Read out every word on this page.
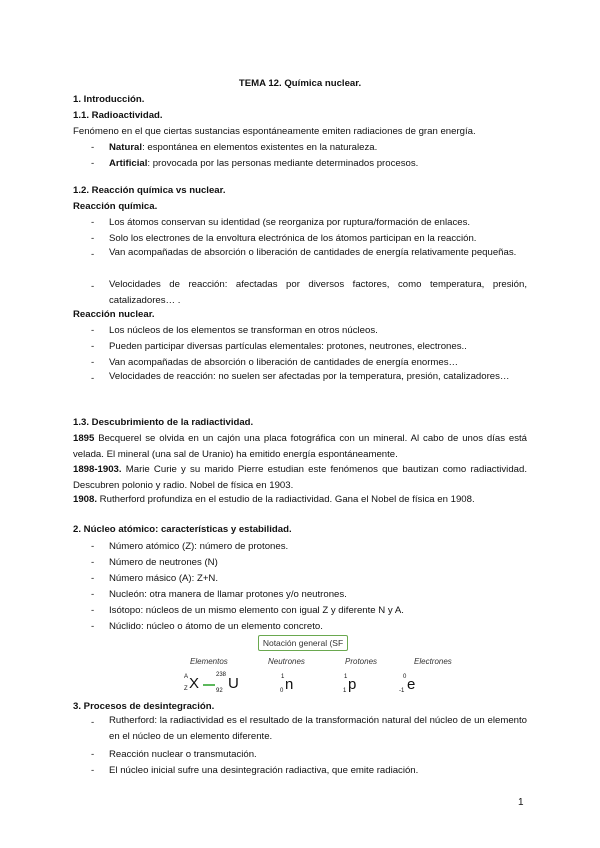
TEMA 12. Química nuclear.
1. Introducción.
1.1. Radioactividad.
Fenómeno en el que ciertas sustancias espontáneamente emiten radiaciones de gran energía.
- Natural: espontánea en elementos existentes en la naturaleza.
- Artificial: provocada por las personas mediante determinados procesos.
1.2. Reacción química vs nuclear.
Reacción química.
- Los átomos conservan su identidad (se reorganiza por ruptura/formación de enlaces.
- Solo los electrones de la envoltura electrónica de los átomos participan en la reacción.
- Van acompañadas de absorción o liberación de cantidades de energía relativamente pequeñas.
- Velocidades de reacción: afectadas por diversos factores, como temperatura, presión, catalizadores… .
Reacción nuclear.
- Los núcleos de los elementos se transforman en otros núcleos.
- Pueden participar diversas partículas elementales: protones, neutrones, electrones..
- Van acompañadas de absorción o liberación de cantidades de energía enormes…
- Velocidades de reacción: no suelen ser afectadas por la temperatura, presión, catalizadores…
1.3. Descubrimiento de la radiactividad.
1895 Becquerel se olvida en un cajón una placa fotográfica con un mineral. Al cabo de unos días está velada. El mineral (una sal de Uranio) ha emitido energía espontáneamente.
1898-1903. Marie Curie y su marido Pierre estudian este fenómenos que bautizan como radiactividad. Descubren polonio y radio. Nobel de física en 1903.
1908. Rutherford profundiza en el estudio de la radiactividad. Gana el Nobel de física en 1908.
2. Núcleo atómico: características y estabilidad.
- Número atómico (Z): número de protones.
- Número de neutrones (N)
- Número másico (A): Z+N.
- Nucleón: otra manera de llamar protones y/o neutrones.
- Isótopo: núcleos de un mismo elemento con igual Z y diferente N y A.
- Núclido: núcleo o átomo de un elemento concreto.
Notación general (SF
Elementos	Neutrones	Protones	Electrones
A
Z X	238
92 U	1
0 n	1
1 p	0
-1 e
3. Procesos de desintegración.
- Rutherford: la radiactividad es el resultado de la transformación natural del núcleo de un elemento en el núcleo de un elemento diferente.
- Reacción nuclear o transmutación.
- El núcleo inicial sufre una desintegración radiactiva, que emite radiación.
1
